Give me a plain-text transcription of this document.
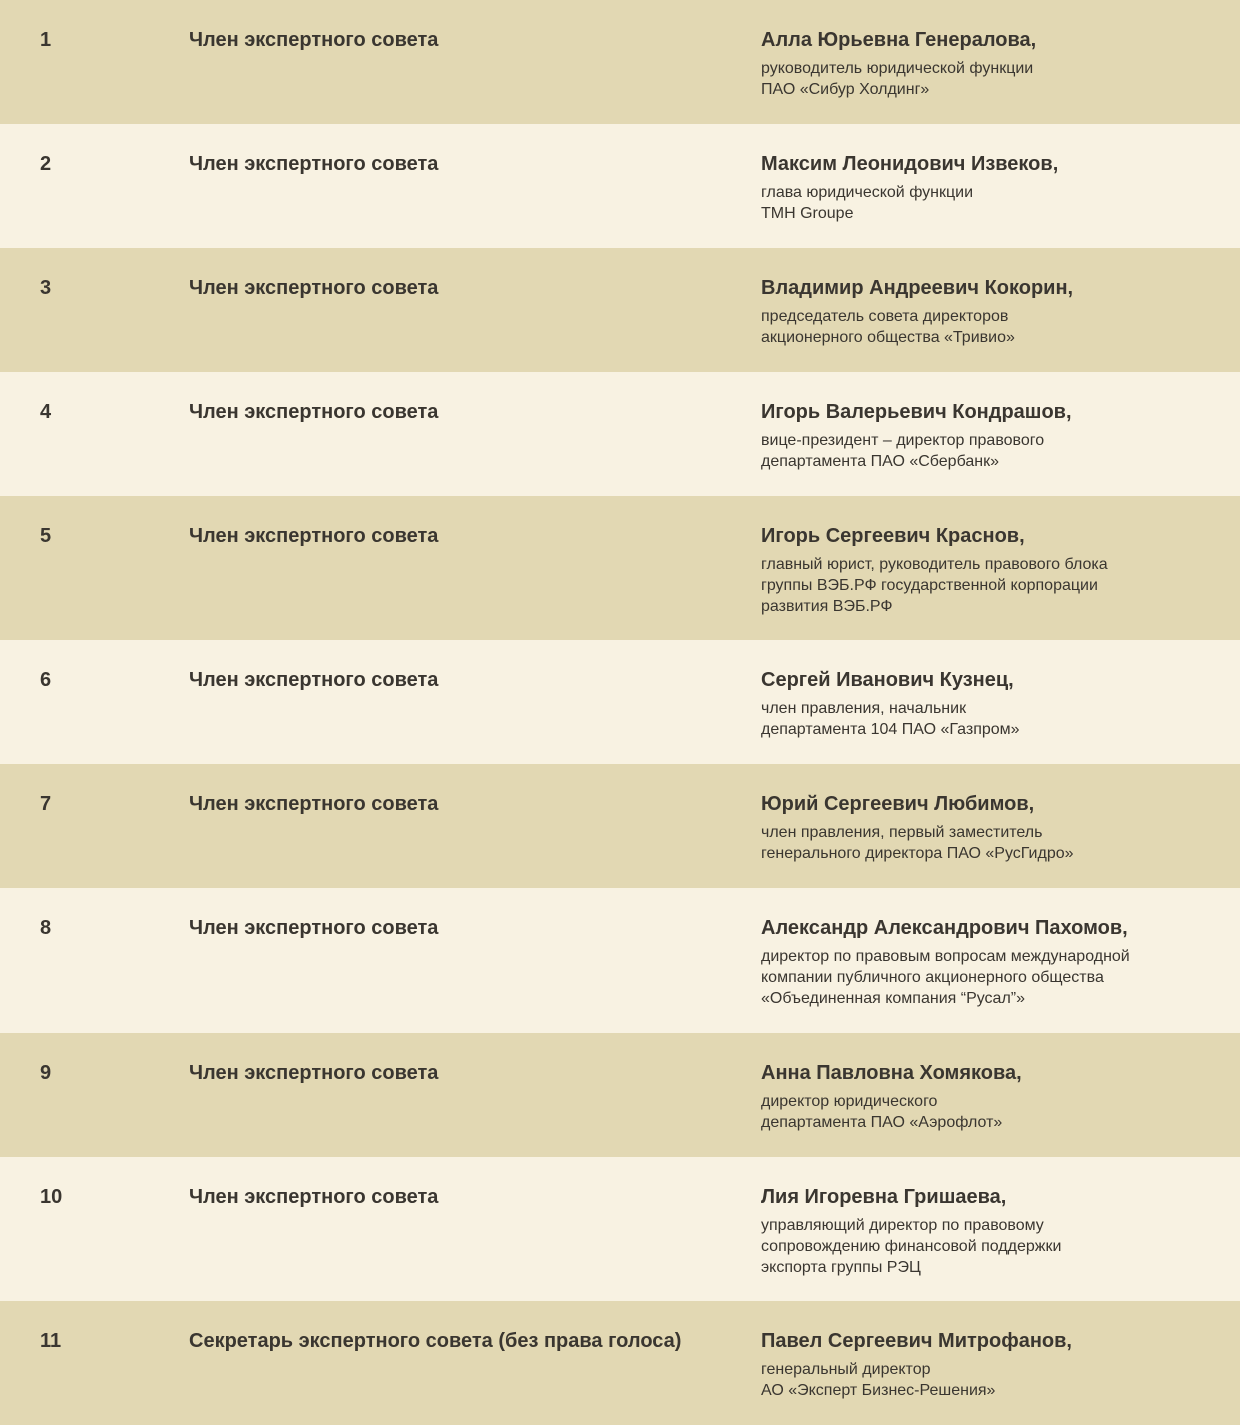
1	Член экспертного совета	Алла Юрьевна Генералова,
руководитель юридической функции
ПАО «Сибур Холдинг»
2	Член экспертного совета	Максим Леонидович Извеков,
глава юридической функции
ТМН Groupe
3	Член экспертного совета	Владимир Андреевич Кокорин,
председатель совета директоров
акционерного общества «Тривио»
4	Член экспертного совета	Игорь Валерьевич Кондрашов,
вице-президент – директор правового
департамента ПАО «Сбербанк»
5	Член экспертного совета	Игорь Сергеевич Краснов,
главный юрист, руководитель правового блока
группы ВЭБ.РФ государственной корпорации
развития ВЭБ.РФ
6	Член экспертного совета	Сергей Иванович Кузнец,
член правления, начальник
департамента 104 ПАО «Газпром»
7	Член экспертного совета	Юрий Сергеевич Любимов,
член правления, первый заместитель
генерального директора ПАО «РусГидро»
8	Член экспертного совета	Александр Александрович Пахомов,
директор по правовым вопросам международной
компании публичного акционерного общества
«Объединенная компания “Русал”»
9	Член экспертного совета	Анна Павловна Хомякова,
директор юридического
департамента ПАО «Аэрофлот»
10	Член экспертного совета	Лия Игоревна Гришаева,
управляющий директор по правовому
сопровождению финансовой поддержки
экспорта группы РЭЦ
11	Секретарь экспертного совета (без права голоса)	Павел Сергеевич Митрофанов,
генеральный директор
АО «Эксперт Бизнес-Решения»
